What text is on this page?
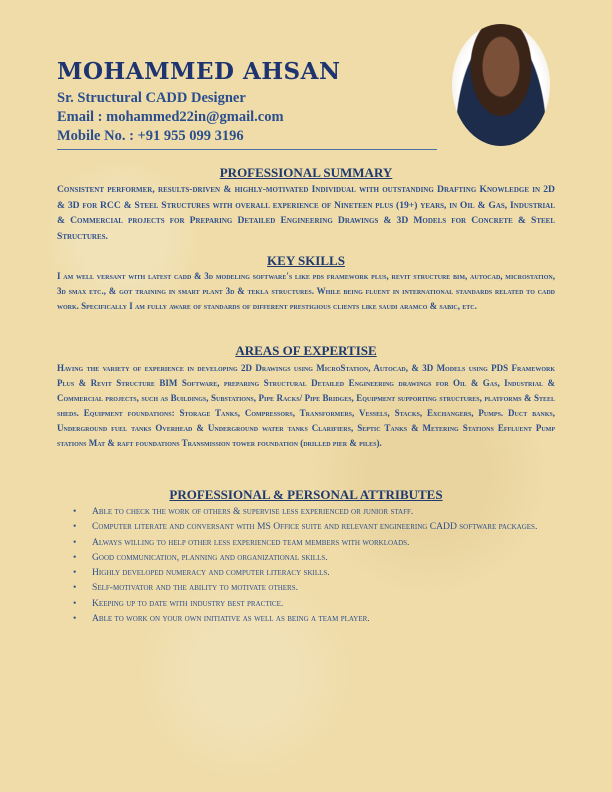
MOHAMMED AHSAN
Sr. Structural CADD Designer
Email : mohammed22in@gmail.com
Mobile No. : +91 955 099 3196
PROFESSIONAL SUMMARY
Consistent performer, results-driven & highly-motivated Individual with outstanding Drafting Knowledge in 2D & 3D for RCC & Steel Structures with overall experience of Nineteen plus (19+) years, in Oil & Gas, Industrial & Commercial projects for Preparing Detailed Engineering Drawings & 3D Models for Concrete & Steel Structures.
KEY SKILLS
I am well versant with latest cadd & 3d modeling software's like pds framework plus, revit structure bim, autocad, microstation, 3d smax etc., & got training in smart plant 3d & tekla structures. While being fluent in international standards related to cadd work. Specifically I am fully aware of standards of different prestigious clients like saudi aramco & sabic, etc.
AREAS OF EXPERTISE
Having the variety of experience in developing 2D Drawings using MicroStation, Autocad, & 3D Models using PDS Framework Plus & Revit Structure BIM Software, preparing Structural Detailed Engineering drawings for Oil & Gas, Industrial & Commercial projects, such as Buildings, Substations, Pipe Racks/ Pipe Bridges, Equipment supporting structures, platforms & Steel sheds. Equipment foundations: Storage Tanks, Compressors, Transformers, Vessels, Stacks, Exchangers, Pumps. Duct banks, Underground fuel tanks Overhead & Underground water tanks Clarifiers, Septic Tanks & Metering Stations Effluent Pump stations Mat & raft foundations Transmission tower foundation (drilled pier & piles).
PROFESSIONAL & PERSONAL ATTRIBUTES
• Able to check the work of others & supervise less experienced or junior staff.
• Computer literate and conversant with MS Office suite and relevant engineering CADD software packages.
• Always willing to help other less experienced team members with workloads.
• Good communication, planning and organizational skills.
• Highly developed numeracy and computer literacy skills.
• Self-motivator and the ability to motivate others.
• Keeping up to date with industry best practice.
• Able to work on your own initiative as well as being a team player.
